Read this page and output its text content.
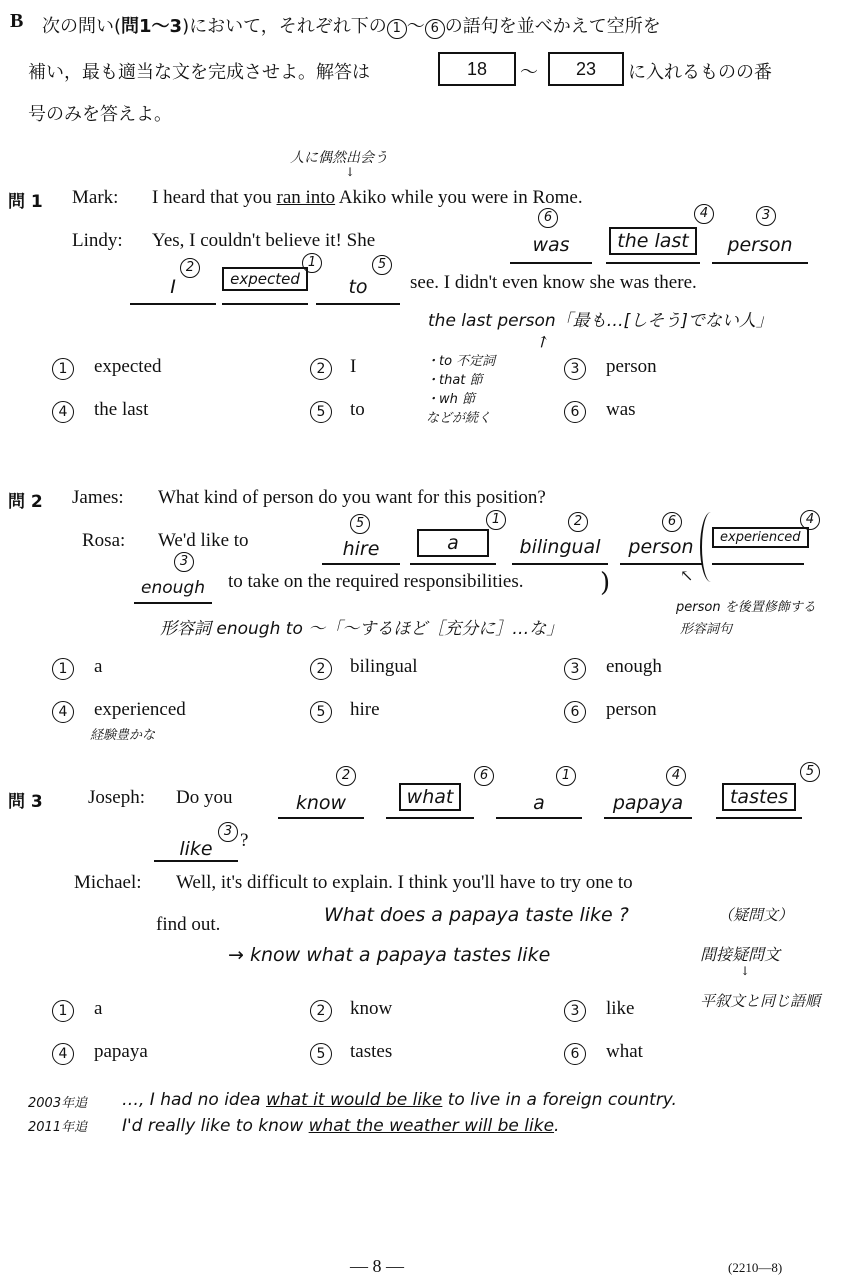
B 次の問い(問1〜3)において，それぞれ下の 1 〜 6 の語句を並べかえて空所を
補い，最も適当な文を完成させよ。解答は	18	〜	23	に入れるものの番
号のみを答えよ。
人に偶然出会う
↓
問 1 Mark: I heard that you ran into Akiko while you were in Rome.
Lindy: Yes, I couldn't believe it! She
6
was
4
the last
3
person
2
I
1
expected
5
to	see. I didn't even know she was there.
the last person「最も…[しそう]でない人」
↗
・to 不定詞
・that 節
・wh 節
などが続く
1	expected	2	I	3	person
4	the last	5	to	6	was
問 2 James: What kind of person do you want for this position?
Rosa: We'd like to
5
hire
1
a
2
bilingual
6
person
4
experienced
3
enough	to take on the required responsibilities.	)	↖
形容詞 enough to 〜「〜するほど［充分に］…な」
person を後置修飾する
形容詞句
1	a	2	bilingual	3	enough
4	experienced	5	hire	6	person
経験豊かな
問 3 Joseph: Do you
2
know
6
what
1
a
4
papaya
5
tastes
3
like	?
Michael: Well, it's difficult to explain. I think you'll have to try one to
find out.	What does a papaya taste like ?	（疑問文）
→ know what a papaya tastes like	間接疑問文
↓
1	a	2	know	3	like	平叙文と同じ語順
4	papaya	5	tastes	6	what
2003年追
2011年追
…, I had no idea what it would be like to live in a foreign country.
I'd really like to know what the weather will be like.
— 8 —	(2210—8)
